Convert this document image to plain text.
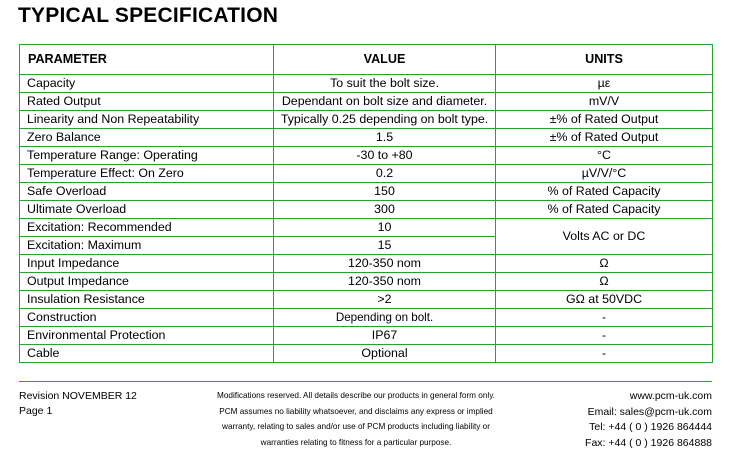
TYPICAL SPECIFICATION
PARAMETER	VALUE	UNITS
Capacity	To suit the bolt size.	µε
Rated Output	Dependant on bolt size and diameter.	mV/V
Linearity and Non Repeatability	Typically 0.25 depending on bolt type.	±% of Rated Output
Zero Balance	1.5	±% of Rated Output
Temperature Range: Operating	-30 to +80	°C
Temperature Effect: On Zero	0.2	µV/V/°C
Safe Overload	150	% of Rated Capacity
Ultimate Overload	300	% of Rated Capacity
Excitation: Recommended	10	Volts AC or DC
Excitation: Maximum	15	
Input Impedance	120-350 nom	Ω
Output Impedance	120-350 nom	Ω
Insulation Resistance	>2	GΩ at 50VDC
Construction	Depending on bolt.	-
Environmental Protection	IP67	-
Cable	Optional	-
Revision NOVEMBER 12
Page 1
Modifications reserved. All details describe our products in general form only.
PCM assumes no liability whatsoever, and disclaims any express or implied
warranty, relating to sales and/or use of PCM products including liability or
warranties relating to fitness for a particular purpose.
www.pcm-uk.com
Email: sales@pcm-uk.com
Tel: +44 ( 0 ) 1926 864444
Fax: +44 ( 0 ) 1926 864888
